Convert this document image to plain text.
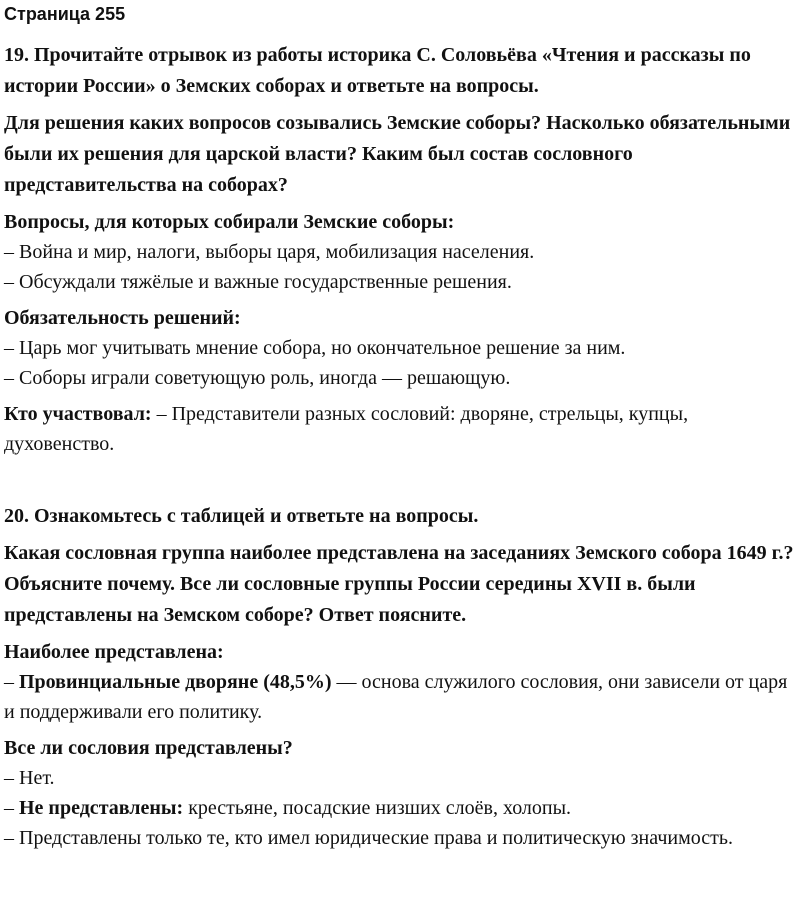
Страница 255

19. Прочитайте отрывок из работы историка С. Соловьёва «Чтения и рассказы по истории России» о Земских соборах и ответьте на вопросы.

Для решения каких вопросов созывались Земские соборы? Насколько обязательными были их решения для царской власти? Каким был состав сословного представительства на соборах?

Вопросы, для которых собирали Земские соборы:

– Война и мир, налоги, выборы царя, мобилизация населения.

– Обсуждали тяжёлые и важные государственные решения.

Обязательность решений:

– Царь мог учитывать мнение собора, но окончательное решение за ним.

– Соборы играли советующую роль, иногда — решающую.

Кто участвовал: – Представители разных сословий: дворяне, стрельцы, купцы, духовенство.

20. Ознакомьтесь с таблицей и ответьте на вопросы.

Какая сословная группа наиболее представлена на заседаниях Земского собора 1649 г.? Объясните почему. Все ли сословные группы России середины XVII в. были представлены на Земском соборе? Ответ поясните.

Наиболее представлена:

– Провинциальные дворяне (48,5%) — основа служилого сословия, они зависели от царя и поддерживали его политику.

Все ли сословия представлены?

– Нет.

– Не представлены: крестьяне, посадские низших слоёв, холопы.

– Представлены только те, кто имел юридические права и политическую значимость.
